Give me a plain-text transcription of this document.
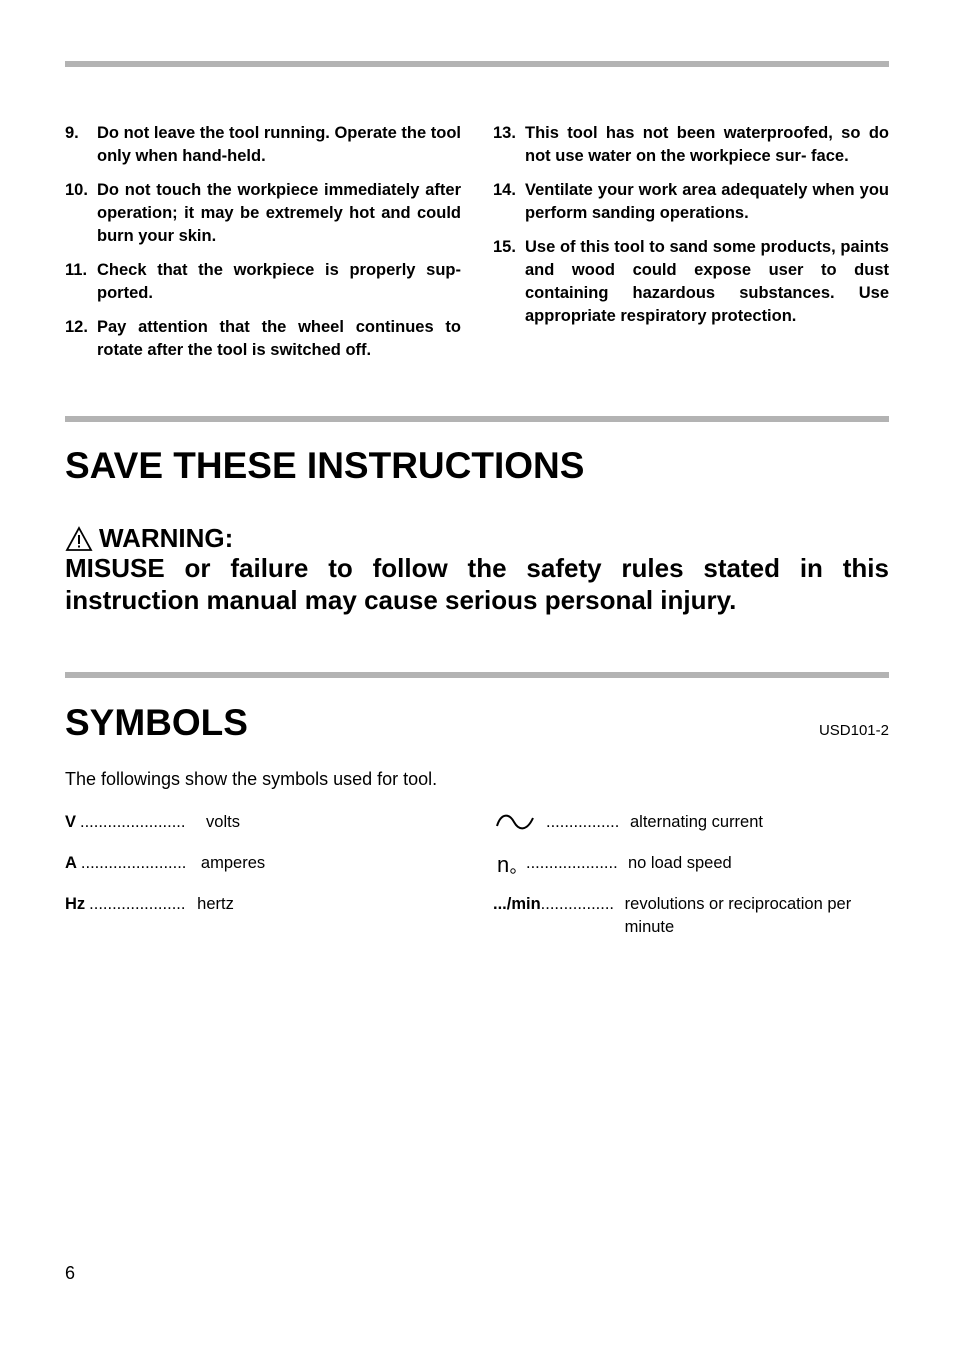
9.	Do not leave the tool running. Operate the tool only when hand-held.
10. Do not touch the workpiece immediately after operation; it may be extremely hot and could burn your skin.
11. Check that the workpiece is properly sup- ported.
12. Pay attention that the wheel continues to rotate after the tool is switched off.
13. This tool has not been waterproofed, so do not use water on the workpiece sur- face.
14. Ventilate your work area adequately when you perform sanding operations.
15. Use of this tool to sand some products, paints and wood could expose user to dust containing hazardous substances. Use appropriate respiratory protection.
SAVE THESE INSTRUCTIONS
WARNING:
MISUSE or failure to follow the safety rules stated in this instruction manual may cause serious personal injury.
SYMBOLS	USD101-2
The followings show the symbols used for tool.
V .......................	volts
A ....................... amperes
Hz ..................... hertz
................ alternating current
n .................... no load speed
.../min ................ revolutions or reciprocation per minute
6
